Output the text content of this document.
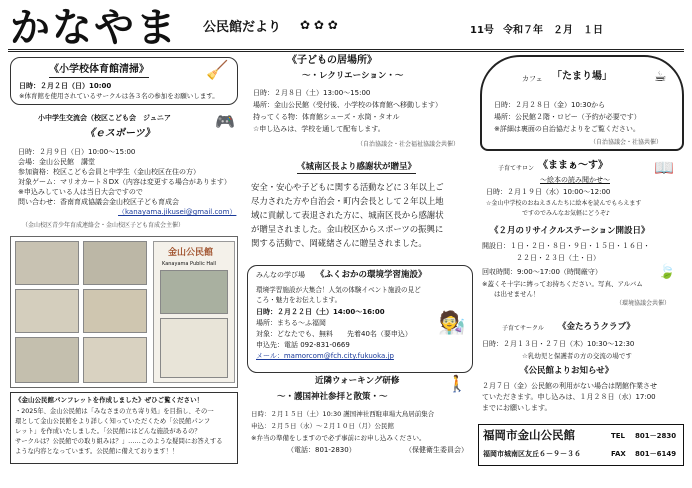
かなやま 公民館だより ✿ ✿ ✿	11号 令和７年　２月　１日
《小学校体育館清掃》	🧹
日時：２月２日（日）10:00
※体育館を使用されているサークルは各３名の参加をお願いします。
小中学生交流会（校区こども会　ジュニア	🎮
《ｅスポーツ》
日時：２月９日（日）10:00～15:00
会場：金山公民館　講堂
参加資格：校区こども会員と中学生（金山校区在住の方）
対象ゲーム：マリオカート８DX（内容は変更する場合があります）
※申込みしている人は当日大会ですので
問い合わせ：香南育成協議会金山校区子ども育成会
（kanayama.jikusei@gmail.com）
（金山校区青少年育成連絡会・金山校区子ども育成会主催）
金山公民館
Kanayama Public Hall
《金山公民館パンフレットを作成しました》ぜひご覧ください！
・2025年、金山公民館は「みなさまの立ち寄り処」を目指し、その一
環として金山公民館をより詳しく知っていただくため「公民館パンフ
レット」を作成いたしました。「公民館にはどんな施設があるの？
サークルは？公民館での取り組みは？」……このような疑問にお答えする
ような内容となっています。公民館に備えております！！
《子どもの居場所》
～・レクリエーション・～
日時：２月８日（土）13:00～15:00
場所：金山公民館（受付後、小学校の体育館へ移動します）
持ってくる物：体育館シューズ・水筒・タオル
☆申し込みは、学校を通して配布します。
（自治協議会・社会福祉協議会共催）
《城南区長より感謝状が贈呈》
安全・安心や子どもに関する活動などに３年以上ご
尽力された方や自治会・町内会長として２年以上地
域に貢献して表退された方に、城南区長から感謝状
が贈呈されました。金山校区からスポーツの振興に
関する活動で、岡硴緒さんに贈呈されました。
みんなの学び場 《ふくおかの環境学習施設》
環境学習施設が大集合！人気の体験イベント施設の見ど
ころ・魅力をお伝えします。
日時：２月２２日（土）14:00～16:00
場所：まちる～ふ福岡
対象：どなたでも、無料　　先着40名（要申込）
申込先：電話 092-831-0669
メール：mamorcom@fch.city.fukuoka.jp
🧑‍🔬
近隣ウォーキング研修	🚶
～・護国神社参拝と散策・～
日時：２月１５日（土）10:30 護国神社西駐車場大鳥居前集合
申込：２月５日（水）～２月１０日（月）公民館
※弁当の準備をしますので必ず事前にお申し込みください。
（電話：801-2830）	（保健衛生委員会）
カフェ 「たまり場」	☕
日時：２月２８日（金）10:30から
場所：公民館２階・ロビー（予約が必要です）
※詳細は裏面の自治協だよりをご覧ください。
（自治協議会・社協共催）
子育てサロン 《ままぁ～す》	📖
～絵本の読み聞かせ～
日時：２月１９日（水）10:00～12:00
☆金山中学校のおねえさんたちに絵本を読んでもらえます
ですのでみんなお気軽にどうぞ♪
《２月のリサイクルステーション開設日》
開設日：１日・２日・８日・９日・１５日・１６日・
２２日・２３日（土・日）
回収時間：9:00～17:00（時間厳守）
※蓋くそ十字に縛ってお持ちください。写真、アルバム
は出せません！
🍃
（環境協議会共催）
子育てサークル 《金たろうクラブ》
日時：２月１３日・２７日（木）10:30～12:30
☆乳幼児と保護者の方の交流の場です
《公民館よりお知らせ》
２月７日（金）公民館の利用がない場合は閉館作業させ
ていただきます。申し込みは、１月２８日（水）17:00
までにお願いします。
福岡市金山公民館	TEL 801－2830
福岡市城南区友丘６－９－３６	FAX 801－6149
